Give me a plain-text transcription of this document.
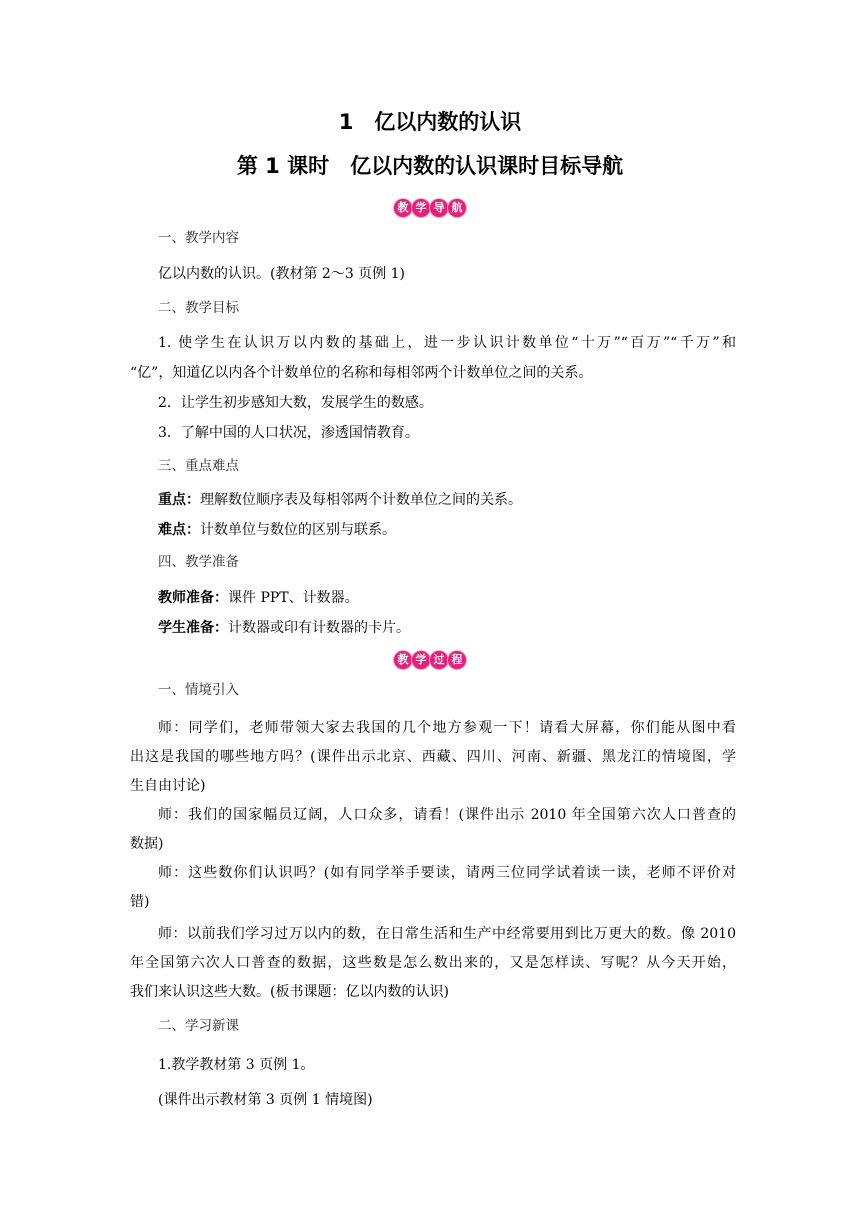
1　亿以内数的认识
第 1 课时　亿以内数的认识课时目标导航
教 学 导 航
一、教学内容
亿以内数的认识。(教材第 2～3 页例 1)
二、教学目标
1. 使学生在认识万以内数的基础上，进一步认识计数单位“十万”“百万”“千万”和
“亿”，知道亿以内各个计数单位的名称和每相邻两个计数单位之间的关系。
2．让学生初步感知大数，发展学生的数感。
3．了解中国的人口状况，渗透国情教育。
三、重点难点
重点：理解数位顺序表及每相邻两个计数单位之间的关系。
难点：计数单位与数位的区别与联系。
四、教学准备
教师准备：课件 PPT、计数器。
学生准备：计数器或印有计数器的卡片。
教 学 过 程
一、情境引入
师：同学们，老师带领大家去我国的几个地方参观一下！请看大屏幕，你们能从图中看
出这是我国的哪些地方吗？(课件出示北京、西藏、四川、河南、新疆、黑龙江的情境图，学
生自由讨论)
师：我们的国家幅员辽阔，人口众多，请看！(课件出示 2010 年全国第六次人口普查的
数据)
师：这些数你们认识吗？(如有同学举手要读，请两三位同学试着读一读，老师不评价对
错)
师：以前我们学习过万以内的数，在日常生活和生产中经常要用到比万更大的数。像 2010
年全国第六次人口普查的数据，这些数是怎么数出来的，又是怎样读、写呢？从今天开始，
我们来认识这些大数。(板书课题：亿以内数的认识)
二、学习新课
1.教学教材第 3 页例 1。
(课件出示教材第 3 页例 1 情境图)
